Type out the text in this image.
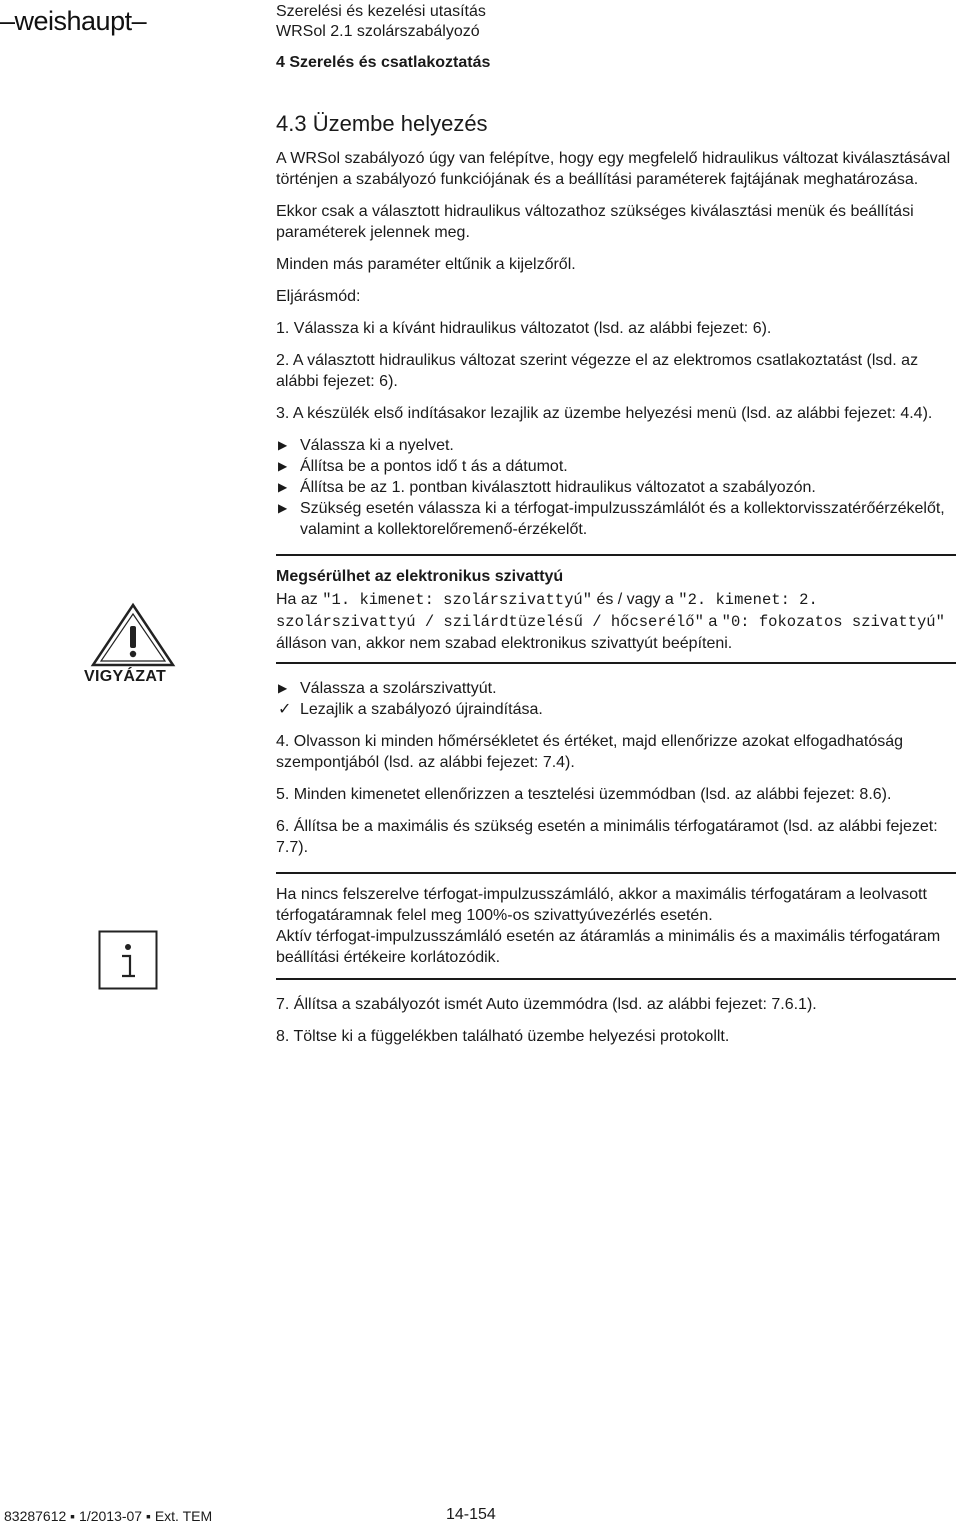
–weishaupt–	Szerelési és kezelési utasítás
WRSol 2.1 szolárszabályozó
4 Szerelés és csatlakoztatás
VIGYÁZAT
4.3 Üzembe helyezés

A WRSol szabályozó úgy van felépítve, hogy egy megfelelő hidraulikus változat kiválasztásával történjen a szabályozó funkciójának és a beállítási paraméterek fajtájának meghatározása.

Ekkor csak a választott hidraulikus változathoz szükséges kiválasztási menük és beállítási paraméterek jelennek meg.

Minden más paraméter eltűnik a kijelzőről.

Eljárásmód:

1. Válassza ki a kívánt hidraulikus változatot (lsd. az alábbi fejezet: 6).

2. A választott hidraulikus változat szerint végezze el az elektromos csatlakoztatást (lsd. az alábbi fejezet: 6).

3. A készülék első indításakor lezajlik az üzembe helyezési menü (lsd. az alábbi fejezet: 4.4).

▶ Válassza ki a nyelvet.
▶ Állítsa be a pontos idő t ás a dátumot.
▶ Állítsa be az 1. pontban kiválasztott hidraulikus változatot a szabályozón.
▶ Szükség esetén válassza ki a térfogat-impulzusszámlálót és a kollektorvisszatérőérzékelőt, valamint a kollektorelőremenő-érzékelőt.
Megsérülhet az elektronikus szivattyú
Ha az "1. kimenet: szolárszivattyú" és / vagy a "2. kimenet: 2. szolárszivattyú / szilárdtüzelésű / hőcserélő" a "0: fokozatos szivattyú" álláson van, akkor nem szabad elektronikus szivattyút beépíteni.
▶ Válassza a szolárszivattyút.
✓ Lezajlik a szabályozó újraindítása.

4. Olvasson ki minden hőmérsékletet és értéket, majd ellenőrizze azokat elfogadhatóság szempontjából (lsd. az alábbi fejezet: 7.4).

5. Minden kimenetet ellenőrizzen a tesztelési üzemmódban (lsd. az alábbi fejezet: 8.6).

6. Állítsa be a maximális és szükség esetén a minimális térfogatáramot (lsd. az alábbi fejezet: 7.7).

Ha nincs felszerelve térfogat-impulzusszámláló, akkor a maximális térfogatáram a leolvasott térfogatáramnak felel meg 100%-os szivattyúvezérlés esetén.

Aktív térfogat-impulzusszámláló esetén az átáramlás a minimális és a maximális térfogatáram beállítási értékeire korlátozódik.

7. Állítsa a szabályozót ismét Auto üzemmódra (lsd. az alábbi fejezet: 7.6.1).

8. Töltse ki a függelékben található üzembe helyezési protokollt.

83287612 ▪ 1/2013-07 ▪ Ext. TEM	14-154
